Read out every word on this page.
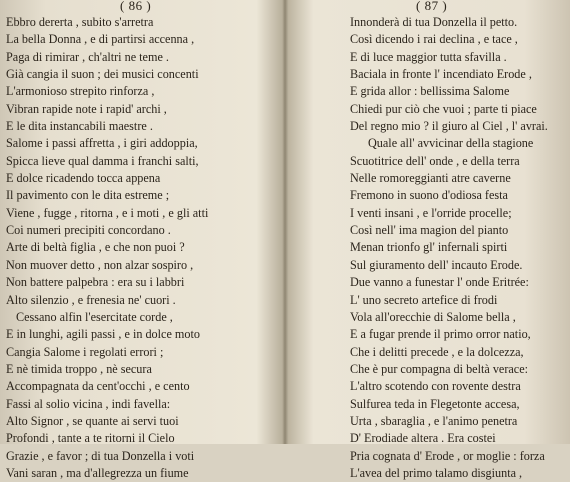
( 86 )
Ebbro dererta , subito s'arretra
La bella Donna , e di partirsi accenna ,
Paga di rimirar , ch'altri ne teme .
Già cangia il suon ; dei musici concenti
L'armonioso strepito rinforza ,
Vibran rapide note i rapid' archi ,
E le dita instancabili maestre .
Salome i passi affretta , i giri addoppia,
Spicca lieve qual damma i franchi salti,
E dolce ricadendo tocca appena
Il pavimento con le dita estreme ;
Viene , fugge , ritorna , e i moti , e gli atti
Coi numeri precipiti concordano .
Arte di beltà figlia , e che non puoi ?
Non muover detto , non alzar sospiro ,
Non battere palpebra : era su i labbri
Alto silenzio , e frenesia ne' cuori .
Cessano alfin l'esercitate corde ,
E in lunghi, agili passi , e in dolce moto
Cangia Salome i regolati errori ;
E nè timida troppo , nè secura
Accompagnata da cent'occhi , e cento
Fassi al solio vicina , indi favella:
Alto Signor , se quante ai servi tuoi
Profondi , tante a te ritorni il Cielo
Grazie , e favor ; di tua Donzella i voti
Vani saran , ma d'allegrezza un fiume
( 87 )
Innonderà di tua Donzella il petto.
Così dicendo i rai declina , e tace ,
E di luce maggior tutta sfavilla .
Baciala in fronte l' incendiato Erode ,
E grida allor : bellissima Salome
Chiedi pur ciò che vuoi ; parte ti piace
Del regno mio ? il giuro al Ciel , l' avrai.
Quale all' avvicinar della stagione
Scuotitrice dell' onde , e della terra
Nelle romoreggianti atre caverne
Fremono in suono d'odiosa festa
I venti insani , e l'orride procelle;
Così nell' ima magion del pianto
Menan trionfo gl' infernali spirti
Sul giuramento dell' incauto Erode.
Due vanno a funestar l' onde Eritrée:
L' uno secreto artefice di frodi
Vola all'orecchie di Salome bella ,
E a fugar prende il primo orror natio,
Che i delitti precede , e la dolcezza,
Che è pur compagna di beltà verace:
L'altro scotendo con rovente destra
Sulfurea teda in Flegetonte accesa,
Urta , sbaraglia , e l'animo penetra
D' Erodiade altera . Era costei
Pria cognata d' Erode , or moglie : forza
L'avea del primo talamo disgiunta ,
